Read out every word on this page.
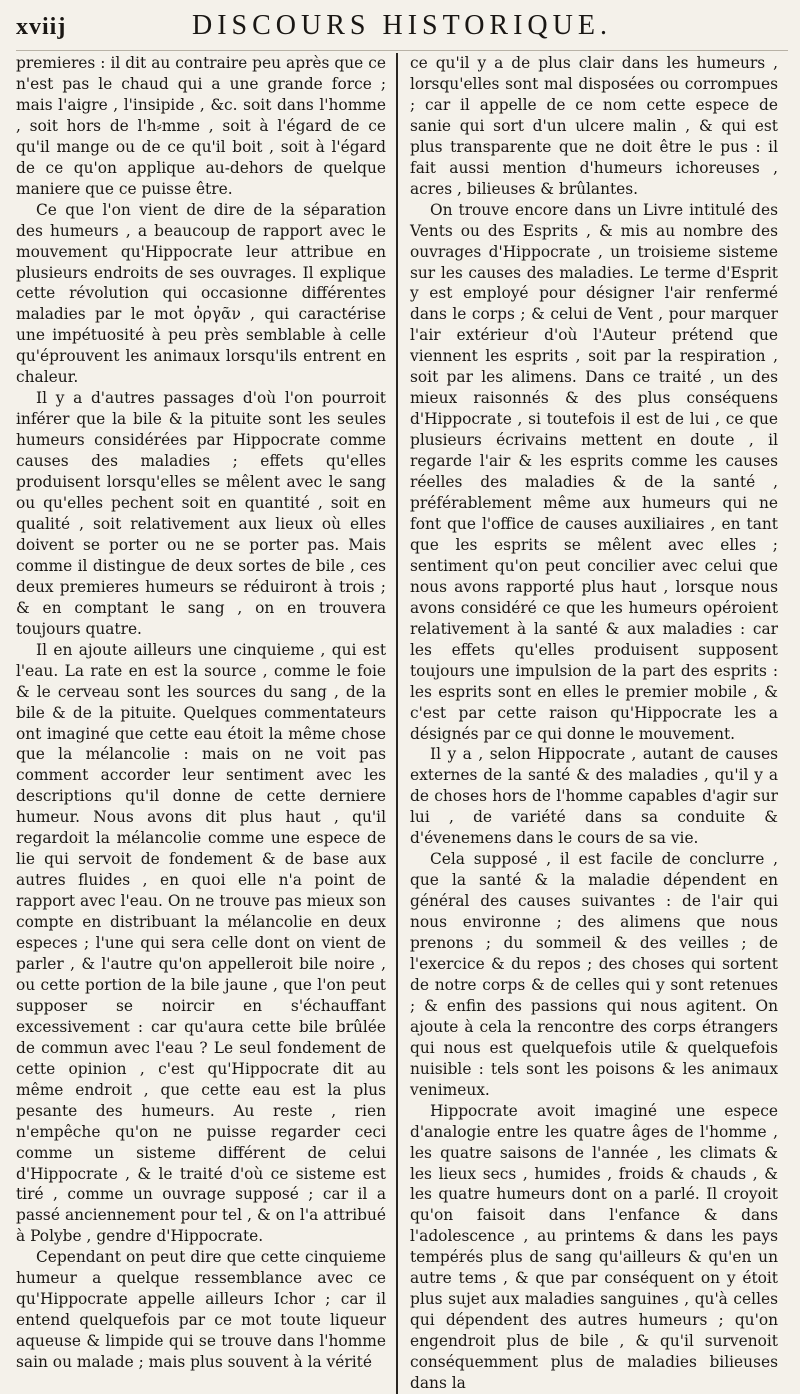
xviij	DISCOURS HISTORIQUE.

premieres : il dit au contraire peu après que ce n'est pas le chaud qui a une grande force ; mais l'aigre , l'insipide , &c. soit dans l'homme , soit hors de l'h⸗mme , soit à l'égard de ce qu'il mange ou de ce qu'il boit , soit à l'égard de ce qu'on applique au-dehors de quelque maniere que ce puisse être.

Ce que l'on vient de dire de la séparation des humeurs , a beaucoup de rapport avec le mouvement qu'Hippocrate leur attribue en plusieurs endroits de ses ouvrages. Il explique cette révolution qui occasionne différentes maladies par le mot ὀργᾶν , qui caractérise une impétuosité à peu près semblable à celle qu'éprouvent les animaux lorsqu'ils entrent en chaleur.

Il y a d'autres passages d'où l'on pourroit inférer que la bile & la pituite sont les seules humeurs considérées par Hippocrate comme causes des maladies ; effets qu'elles produisent lorsqu'elles se mêlent avec le sang ou qu'elles pechent soit en quantité , soit en qualité , soit relativement aux lieux où elles doivent se porter ou ne se porter pas. Mais comme il distingue de deux sortes de bile , ces deux premieres humeurs se réduiront à trois ; & en comptant le sang , on en trouvera toujours quatre.

Il en ajoute ailleurs une cinquieme , qui est l'eau. La rate en est la source , comme le foie & le cerveau sont les sources du sang , de la bile & de la pituite. Quelques commentateurs ont imaginé que cette eau étoit la même chose que la mélancolie : mais on ne voit pas comment accorder leur sentiment avec les descriptions qu'il donne de cette derniere humeur. Nous avons dit plus haut , qu'il regardoit la mélancolie comme une espece de lie qui servoit de fondement & de base aux autres fluides , en quoi elle n'a point de rapport avec l'eau. On ne trouve pas mieux son compte en distribuant la mélancolie en deux especes ; l'une qui sera celle dont on vient de parler , & l'autre qu'on appelleroit bile noire , ou cette portion de la bile jaune , que l'on peut supposer se noircir en s'échauffant excessivement : car qu'aura cette bile brûlée de commun avec l'eau ? Le seul fondement de cette opinion , c'est qu'Hippocrate dit au même endroit , que cette eau est la plus pesante des humeurs. Au reste , rien n'empêche qu'on ne puisse regarder ceci comme un sisteme différent de celui d'Hippocrate , & le traité d'où ce sisteme est tiré , comme un ouvrage supposé ; car il a passé anciennement pour tel , & on l'a attribué à Polybe , gendre d'Hippocrate.

Cependant on peut dire que cette cinquieme humeur a quelque ressemblance avec ce qu'Hippocrate appelle ailleurs Ichor ; car il entend quelquefois par ce mot toute liqueur aqueuse & limpide qui se trouve dans l'homme sain ou malade ; mais plus souvent à la vérité

ce qu'il y a de plus clair dans les humeurs , lorsqu'elles sont mal disposées ou corrompues ; car il appelle de ce nom cette espece de sanie qui sort d'un ulcere malin , & qui est plus transparente que ne doit être le pus : il fait aussi mention d'humeurs ichoreuses , acres , bilieuses & brûlantes.

On trouve encore dans un Livre intitulé des Vents ou des Esprits , & mis au nombre des ouvrages d'Hippocrate , un troisieme sisteme sur les causes des maladies. Le terme d'Esprit y est employé pour désigner l'air renfermé dans le corps ; & celui de Vent , pour marquer l'air extérieur d'où l'Auteur prétend que viennent les esprits , soit par la respiration , soit par les alimens. Dans ce traité , un des mieux raisonnés & des plus conséquens d'Hippocrate , si toutefois il est de lui , ce que plusieurs écrivains mettent en doute , il regarde l'air & les esprits comme les causes réelles des maladies & de la santé , préférablement même aux humeurs qui ne font que l'office de causes auxiliaires , en tant que les esprits se mêlent avec elles ; sentiment qu'on peut concilier avec celui que nous avons rapporté plus haut , lorsque nous avons considéré ce que les humeurs opéroient relativement à la santé & aux maladies : car les effets qu'elles produisent supposent toujours une impulsion de la part des esprits : les esprits sont en elles le premier mobile , & c'est par cette raison qu'Hippocrate les a désignés par ce qui donne le mouvement.

Il y a , selon Hippocrate , autant de causes externes de la santé & des maladies , qu'il y a de choses hors de l'homme capables d'agir sur lui , de variété dans sa conduite & d'évenemens dans le cours de sa vie.

Cela supposé , il est facile de conclurre , que la santé & la maladie dépendent en général des causes suivantes : de l'air qui nous environne ; des alimens que nous prenons ; du sommeil & des veilles ; de l'exercice & du repos ; des choses qui sortent de notre corps & de celles qui y sont retenues ; & enfin des passions qui nous agitent. On ajoute à cela la rencontre des corps étrangers qui nous est quelquefois utile & quelquefois nuisible : tels sont les poisons & les animaux venimeux.

Hippocrate avoit imaginé une espece d'analogie entre les quatre âges de l'homme , les quatre saisons de l'année , les climats & les lieux secs , humides , froids & chauds , & les quatre humeurs dont on a parlé. Il croyoit qu'on faisoit dans l'enfance & dans l'adolescence , au printems & dans les pays tempérés plus de sang qu'ailleurs & qu'en un autre tems , & que par conséquent on y étoit plus sujet aux maladies sanguines , qu'à celles qui dépendent des autres humeurs ; qu'on engendroit plus de bile , & qu'il survenoit conséquemment plus de maladies bilieuses dans la
